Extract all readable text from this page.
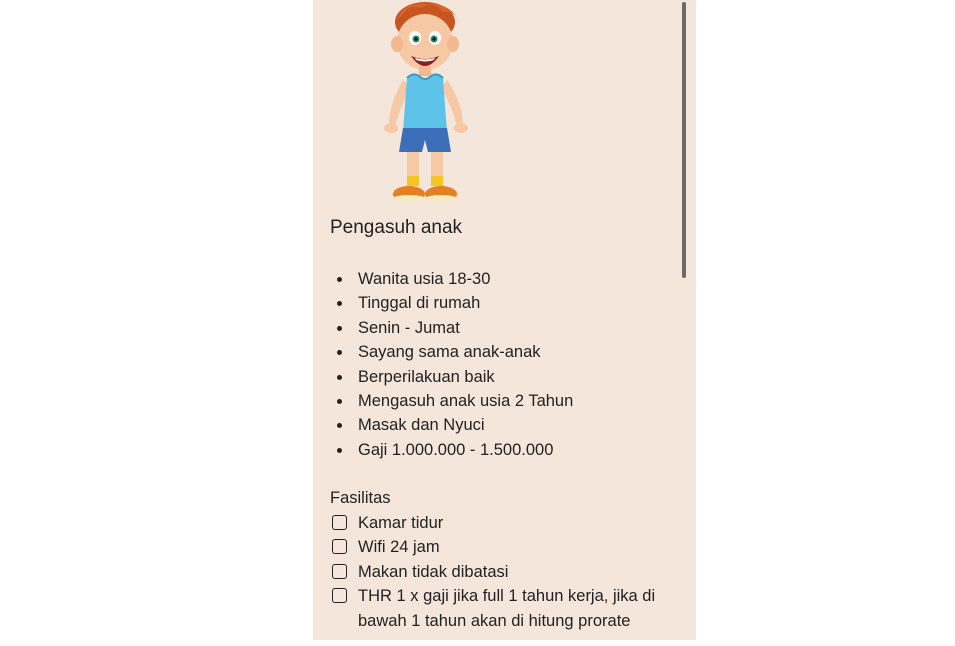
Pengasuh anak
Wanita usia 18-30
Tinggal di rumah
Senin - Jumat
Sayang sama anak-anak
Berperilakuan baik
Mengasuh anak usia 2 Tahun
Masak dan Nyuci
Gaji 1.000.000 - 1.500.000
Fasilitas
Kamar tidur
Wifi 24 jam
Makan tidak dibatasi
THR 1 x gaji jika full 1 tahun kerja, jika di bawah 1 tahun akan di hitung prorate
